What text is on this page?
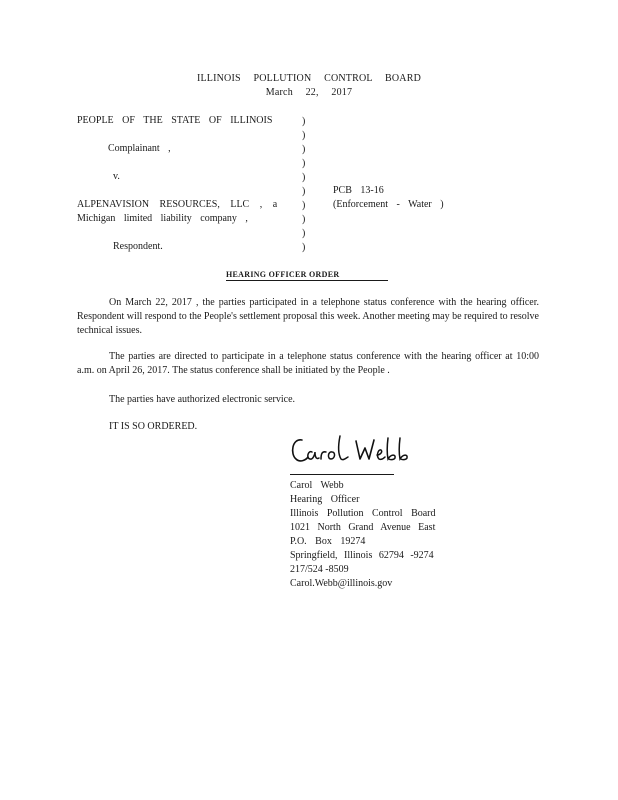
ILLINOIS POLLUTION CONTROL BOARD
March 22, 2017
PEOPLE OF THE STATE OF ILLINOIS
Complainant ,
v.
ALPENAVISION RESOURCES, LLC , a
Michigan limited liability company ,
Respondent.
)
)
)
)
)
)
)
)
)
)
PCB 13-16
(Enforcement - Water )
HEARING OFFICER ORDER
On March 22, 2017 , the parties participated in a telephone status conference with the hearing officer. Respondent will respond to the People's settlement proposal this week. Another meeting may be required to resolve technical issues.
The parties are directed to participate in a telephone status conference with the hearing officer at 10:00 a.m. on April 26, 2017. The status conference shall be initiated by the People .
The parties have authorized electronic service.
IT IS SO ORDERED.
Carol Webb
Hearing Officer
Illinois Pollution Control Board
1021 North Grand Avenue East
P.O. Box 19274
Springfield, Illinois 62794 -9274
217/524 -8509
Carol.Webb@illinois.gov
